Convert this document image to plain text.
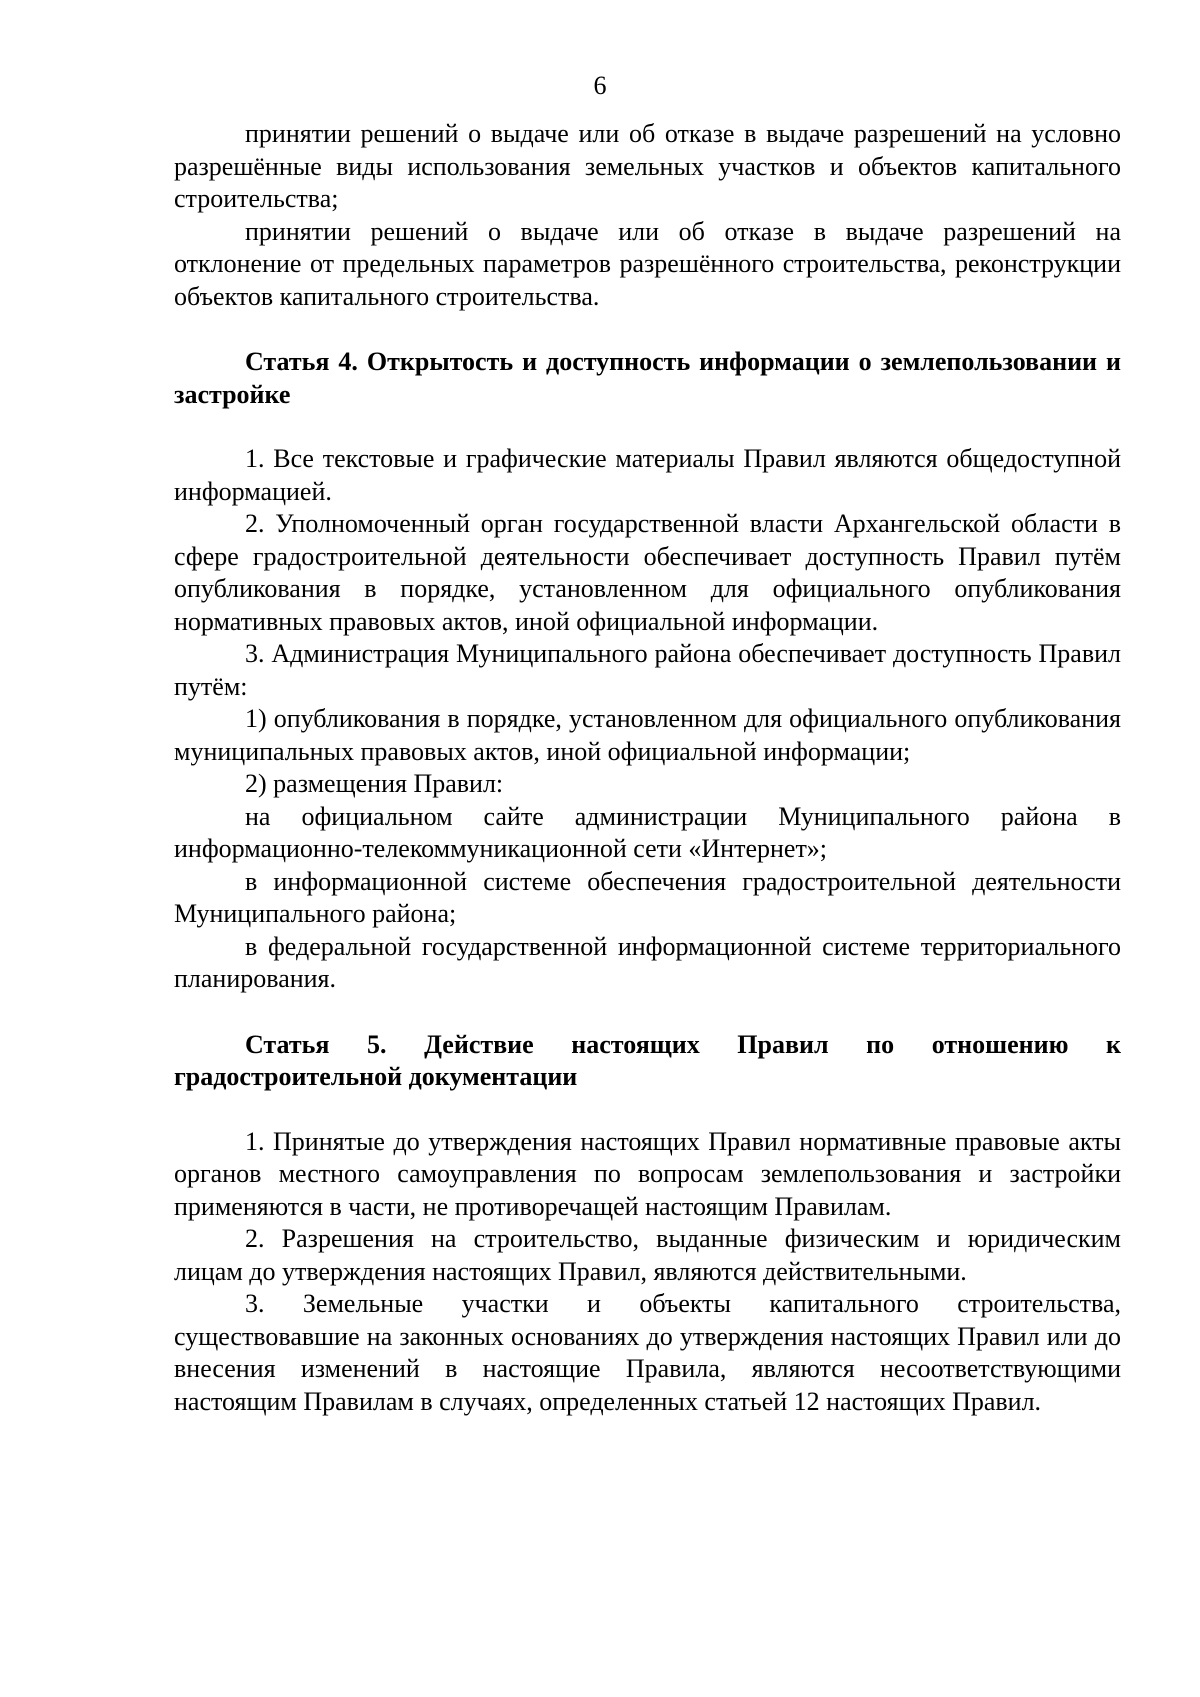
6

принятии решений о выдаче или об отказе в выдаче разрешений на условно разрешённые виды использования земельных участков и объектов капитального строительства;

принятии решений о выдаче или об отказе в выдаче разрешений на отклонение от предельных параметров разрешённого строительства, реконструкции объектов капитального строительства.

Статья 4. Открытость и доступность информации о землепользовании и застройке

1. Все текстовые и графические материалы Правил являются общедоступной информацией.

2. Уполномоченный орган государственной власти Архангельской области в сфере градостроительной деятельности обеспечивает доступность Правил путём опубликования в порядке, установленном для официального опубликования нормативных правовых актов, иной официальной информации.

3. Администрация Муниципального района обеспечивает доступность Правил путём:

1) опубликования в порядке, установленном для официального опубликования муниципальных правовых актов, иной официальной информации;

2) размещения Правил:

на официальном сайте администрации Муниципального района в информационно-телекоммуникационной сети «Интернет»;

в информационной системе обеспечения градостроительной деятельности Муниципального района;

в федеральной государственной информационной системе территориального планирования.

Статья 5. Действие настоящих Правил по отношению к градостроительной документации

1. Принятые до утверждения настоящих Правил нормативные правовые акты органов местного самоуправления по вопросам землепользования и застройки применяются в части, не противоречащей настоящим Правилам.

2. Разрешения на строительство, выданные физическим и юридическим лицам до утверждения настоящих Правил, являются действительными.

3. Земельные участки и объекты капитального строительства, существовавшие на законных основаниях до утверждения настоящих Правил или до внесения изменений в настоящие Правила, являются несоответствующими настоящим Правилам в случаях, определенных статьей 12 настоящих Правил.
